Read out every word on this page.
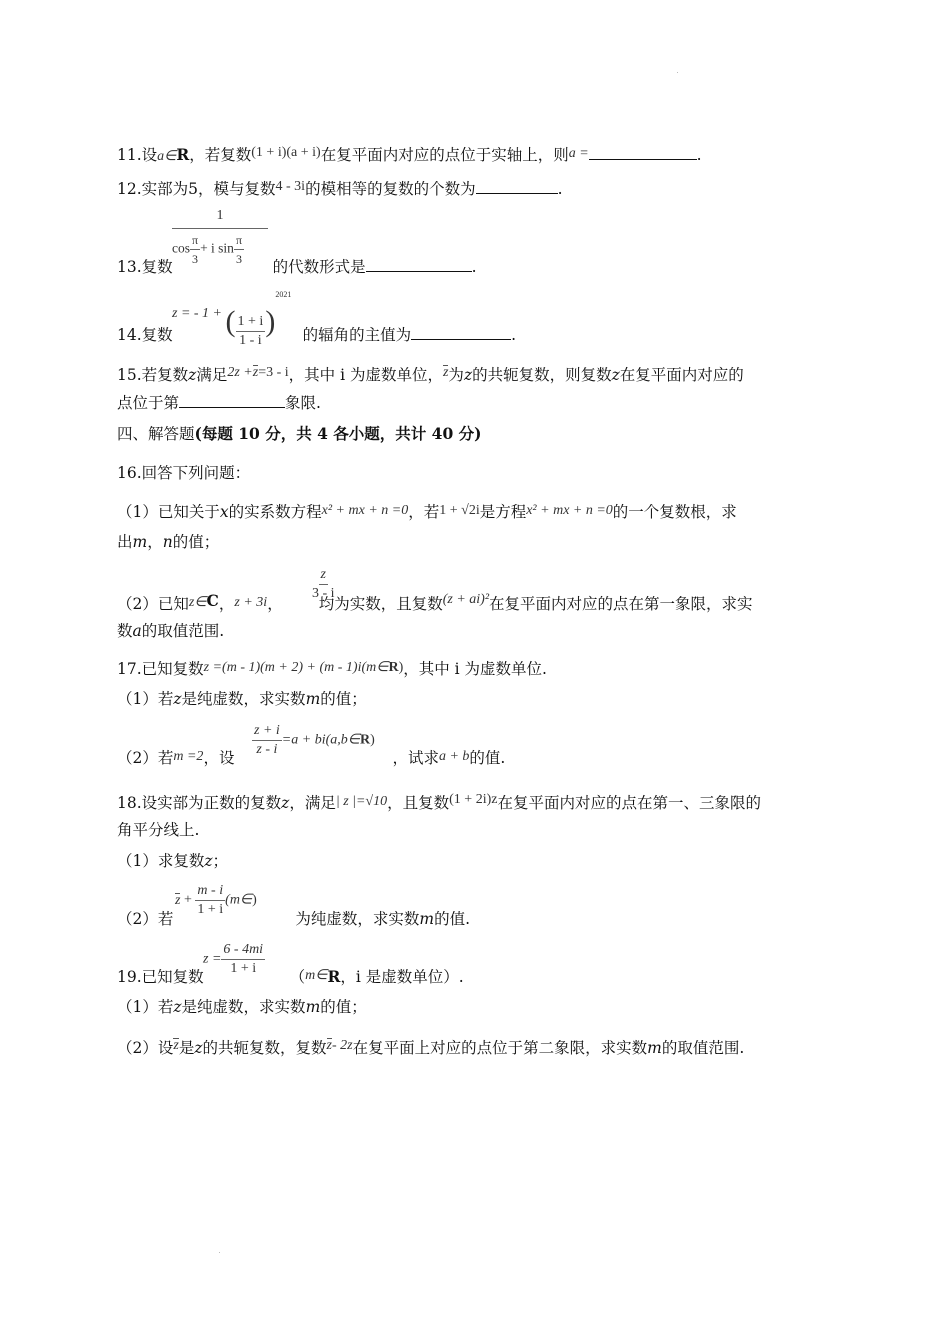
11.设a∈R，若复数(1 + i)(a + i)在复平面内对应的点位于实轴上，则a =	.
12.实部为5，模与复数4 - 3i的模相等的复数的个数为	.
1
$\cos \frac{\pi}{3} + i$ $\sin \frac{\pi}{3}$
13.复数	的代数形式是	.
z = - 1 + ( $\frac{1 + i}{1 - i} )^{2021}$
14.复数	的辐角的主值为	.
15.若复数z满足2z +z=3 - i，其中 i 为虚数单位，z为z的共轭复数，则复数z在复平面内对应的
点位于第	象限.
四、解答题(每题 10 分，共 4 各小题，共计 40 分)
16.回答下列问题：
（1）已知关于x的实系数方程x² + mx + n =0，若1 + √2i是方程x² + mx + n =0的一个复数根，求
出m，n的值；
$\frac{z}{3 - i}$
（2）已知z∈C，z + 3i， 均为实数，且复数(z + ai)²在复平面内对应的点在第一象限，求实
数a的取值范围.
17.已知复数z =(m - 1)(m + 2) + (m - 1)i(m∈R)，其中 i 为虚数单位.
（1）若z是纯虚数，求实数m的值；
$\frac{z + i}{z - i} =a$ + bi(a,b∈R)
（2）若m =2，设	，试求a + b的值.
18.设实部为正数的复数z，满足| z |=√10，且复数(1 + 2i)z在复平面内对应的点在第一、三象限的
角平分线上.
（1）求复数z；
$z + \frac{m - i}{1 + i}$ (m∈)
（2）若	为纯虚数，求实数m的值.
$z = \frac{6 - 4mi}{1 + i}$
19.已知复数	（m∈R，i 是虚数单位）.
（1）若z是纯虚数，求实数m的值；
（2）设z是z的共轭复数，复数z- 2z在复平面上对应的点位于第二象限，求实数m的取值范围.
